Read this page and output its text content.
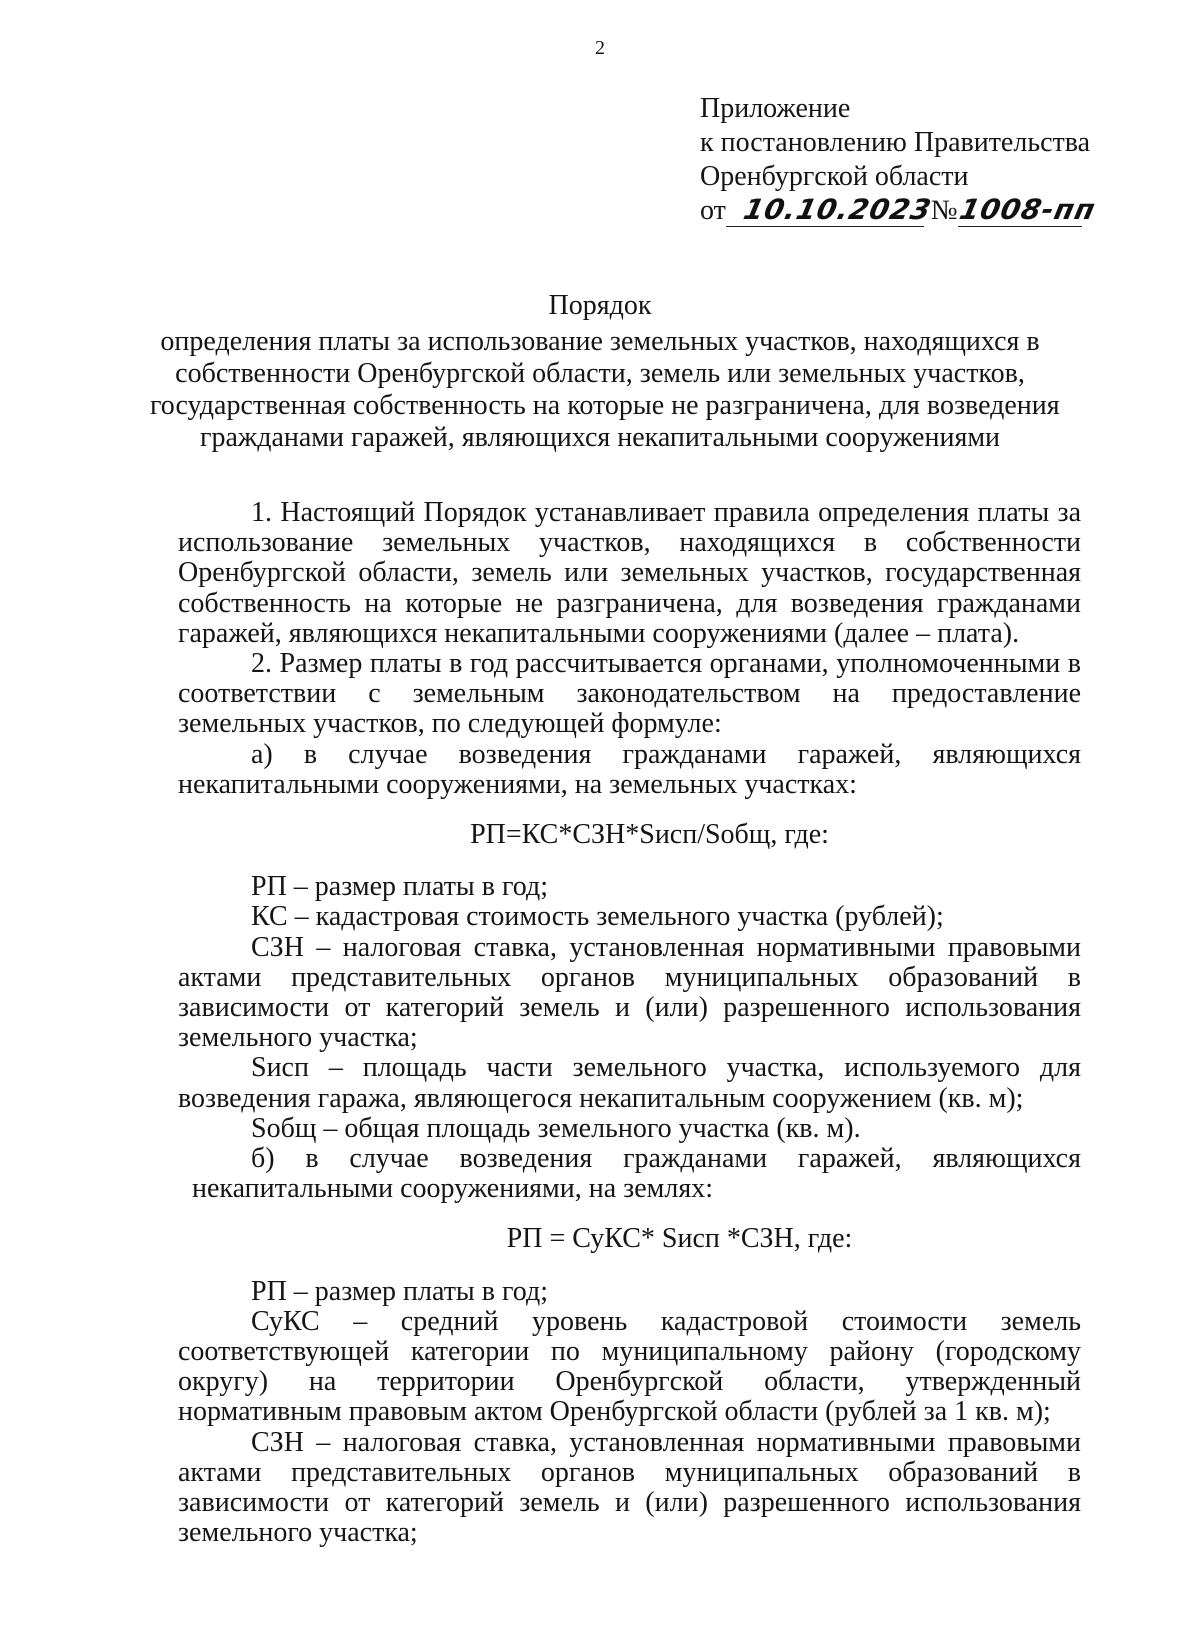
2
Приложение
к постановлению Правительства
Оренбургской области
от 10.10.2023 №1008-пп
Порядок
определения платы за использование земельных участков, находящихся в
собственности Оренбургской области, земель или земельных участков,
государственная собственность на которые не разграничена, для возведения
гражданами гаражей, являющихся некапитальными сооружениями

1. Настоящий Порядок устанавливает правила определения платы за использование земельных участков, находящихся в собственности Оренбургской области, земель или земельных участков, государственная собственность на которые не разграничена, для возведения гражданами гаражей, являющихся некапитальными сооружениями (далее – плата).

2. Размер платы в год рассчитывается органами, уполномоченными в соответствии с земельным законодательством на предоставление земельных участков, по следующей формуле:

а) в случае возведения гражданами гаражей, являющихся

некапитальными сооружениями, на земельных участках:

РП=КС*СЗН*Sисп/Sобщ, где:

РП – размер платы в год;

КС – кадастровая стоимость земельного участка (рублей);

СЗН – налоговая ставка, установленная нормативными правовыми актами представительных органов муниципальных образований в зависимости от категорий земель и (или) разрешенного использования земельного участка;

Sисп – площадь части земельного участка, используемого для возведения гаража, являющегося некапитальным сооружением (кв. м);

Sобщ – общая площадь земельного участка (кв. м).

б) в случае возведения гражданами гаражей, являющихся

некапитальными сооружениями, на землях:

РП = СуКС* Sисп *СЗН, где:

РП – размер платы в год;

СуКС – средний уровень кадастровой стоимости земель соответствующей категории по муниципальному району (городскому округу) на территории Оренбургской области, утвержденный нормативным правовым актом Оренбургской области (рублей за 1 кв. м);

СЗН – налоговая ставка, установленная нормативными правовыми актами представительных органов муниципальных образований в зависимости от категорий земель и (или) разрешенного использования земельного участка;
